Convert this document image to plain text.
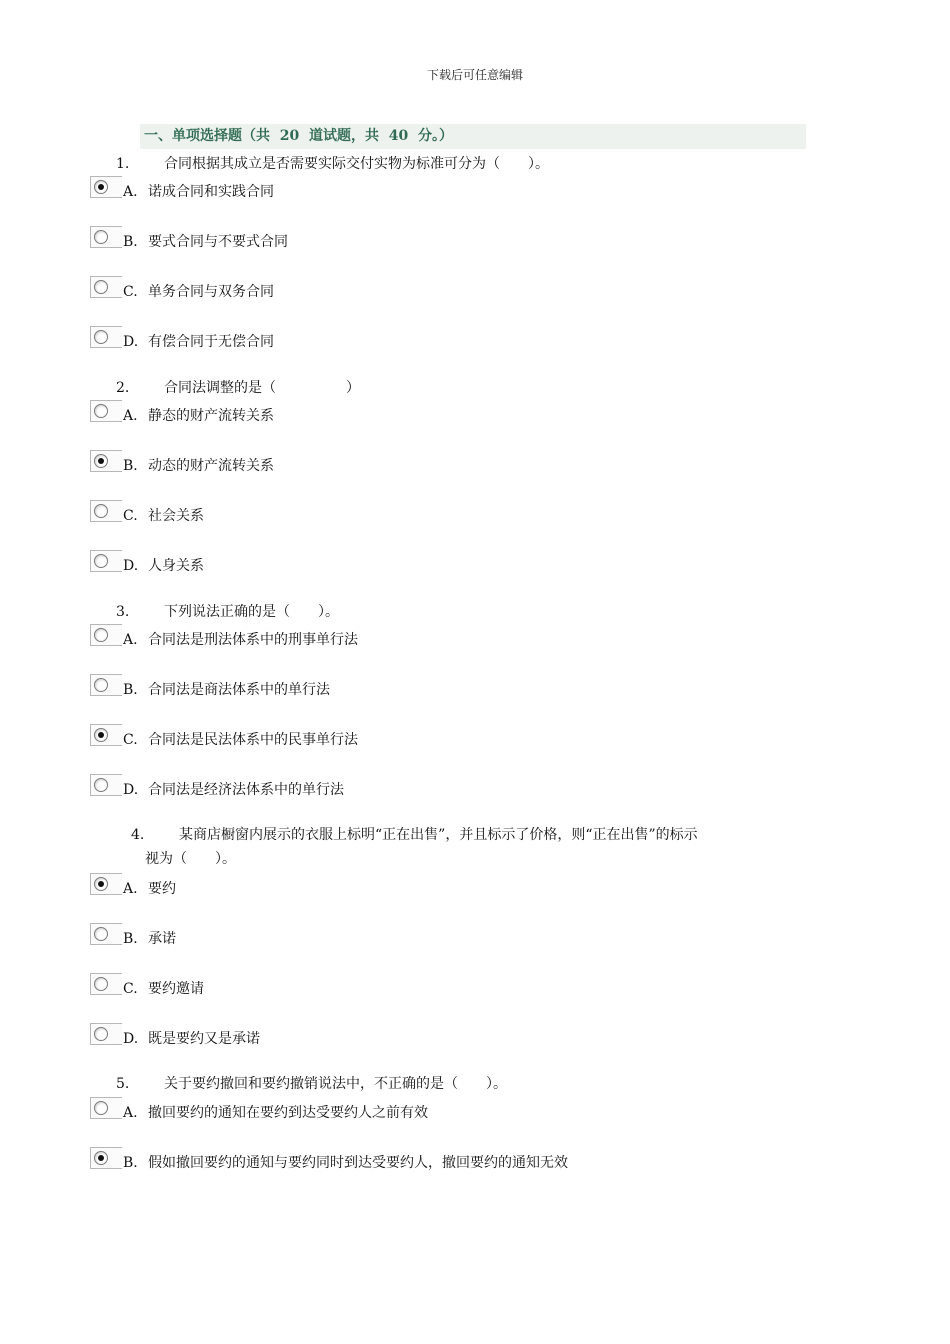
下载后可任意编辑
一、单项选择题（共  20  道试题，共  40  分。）
1. 合同根据其成立是否需要实际交付实物为标准可分为（　　）。
A. 诺成合同和实践合同
B. 要式合同与不要式合同
C. 单务合同与双务合同
D. 有偿合同于无偿合同
2. 合同法调整的是（　　　　　）
A. 静态的财产流转关系
B. 动态的财产流转关系
C. 社会关系
D. 人身关系
3. 下列说法正确的是（　　）。
A. 合同法是刑法体系中的刑事单行法
B. 合同法是商法体系中的单行法
C. 合同法是民法体系中的民事单行法
D. 合同法是经济法体系中的单行法
4. 某商店橱窗内展示的衣服上标明“正在出售”，并且标示了价格，则“正在出售”的标示
视为（　　）。
A. 要约
B. 承诺
C. 要约邀请
D. 既是要约又是承诺
5. 关于要约撤回和要约撤销说法中，不正确的是（　　）。
A. 撤回要约的通知在要约到达受要约人之前有效
B. 假如撤回要约的通知与要约同时到达受要约人，撤回要约的通知无效
